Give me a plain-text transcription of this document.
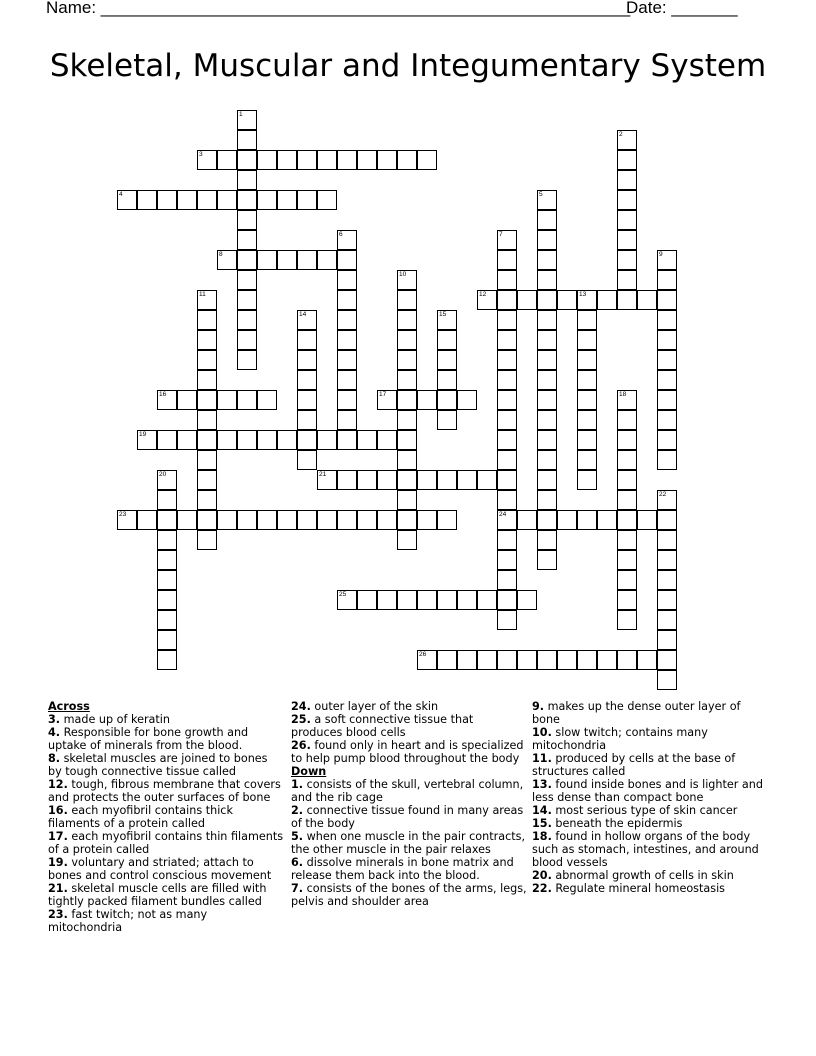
Name: ________________________________________________________
Date: _______
Skeletal, Muscular and Integumentary System
1
2
3
4	5
6	7
24
8	9
10
11	12	13
14	15
16	17	18
19
20	21
22
23
25
26

Across

3. made up of keratin

4. Responsible for bone growth and uptake of minerals from the blood.

8. skeletal muscles are joined to bones by tough connective tissue called

12. tough, fibrous membrane that covers and protects the outer surfaces of bone

16. each myofibril contains thick filaments of a protein called

17. each myofibril contains thin filaments of a protein called

19. voluntary and striated; attach to bones and control conscious movement

21. skeletal muscle cells are filled with tightly packed filament bundles called

23. fast twitch; not as many mitochondria

24. outer layer of the skin

25. a soft connective tissue that produces blood cells

26. found only in heart and is specialized to help pump blood throughout the body

Down

1. consists of the skull, vertebral column, and the rib cage

2. connective tissue found in many areas of the body

5. when one muscle in the pair contracts, the other muscle in the pair relaxes

6. dissolve minerals in bone matrix and release them back into the blood.

7. consists of the bones of the arms, legs, pelvis and shoulder area

9. makes up the dense outer layer of bone

10. slow twitch; contains many mitochondria

11. produced by cells at the base of structures called

13. found inside bones and is lighter and less dense than compact bone

14. most serious type of skin cancer

15. beneath the epidermis

18. found in hollow organs of the body such as stomach, intestines, and around blood vessels

20. abnormal growth of cells in skin

22. Regulate mineral homeostasis
